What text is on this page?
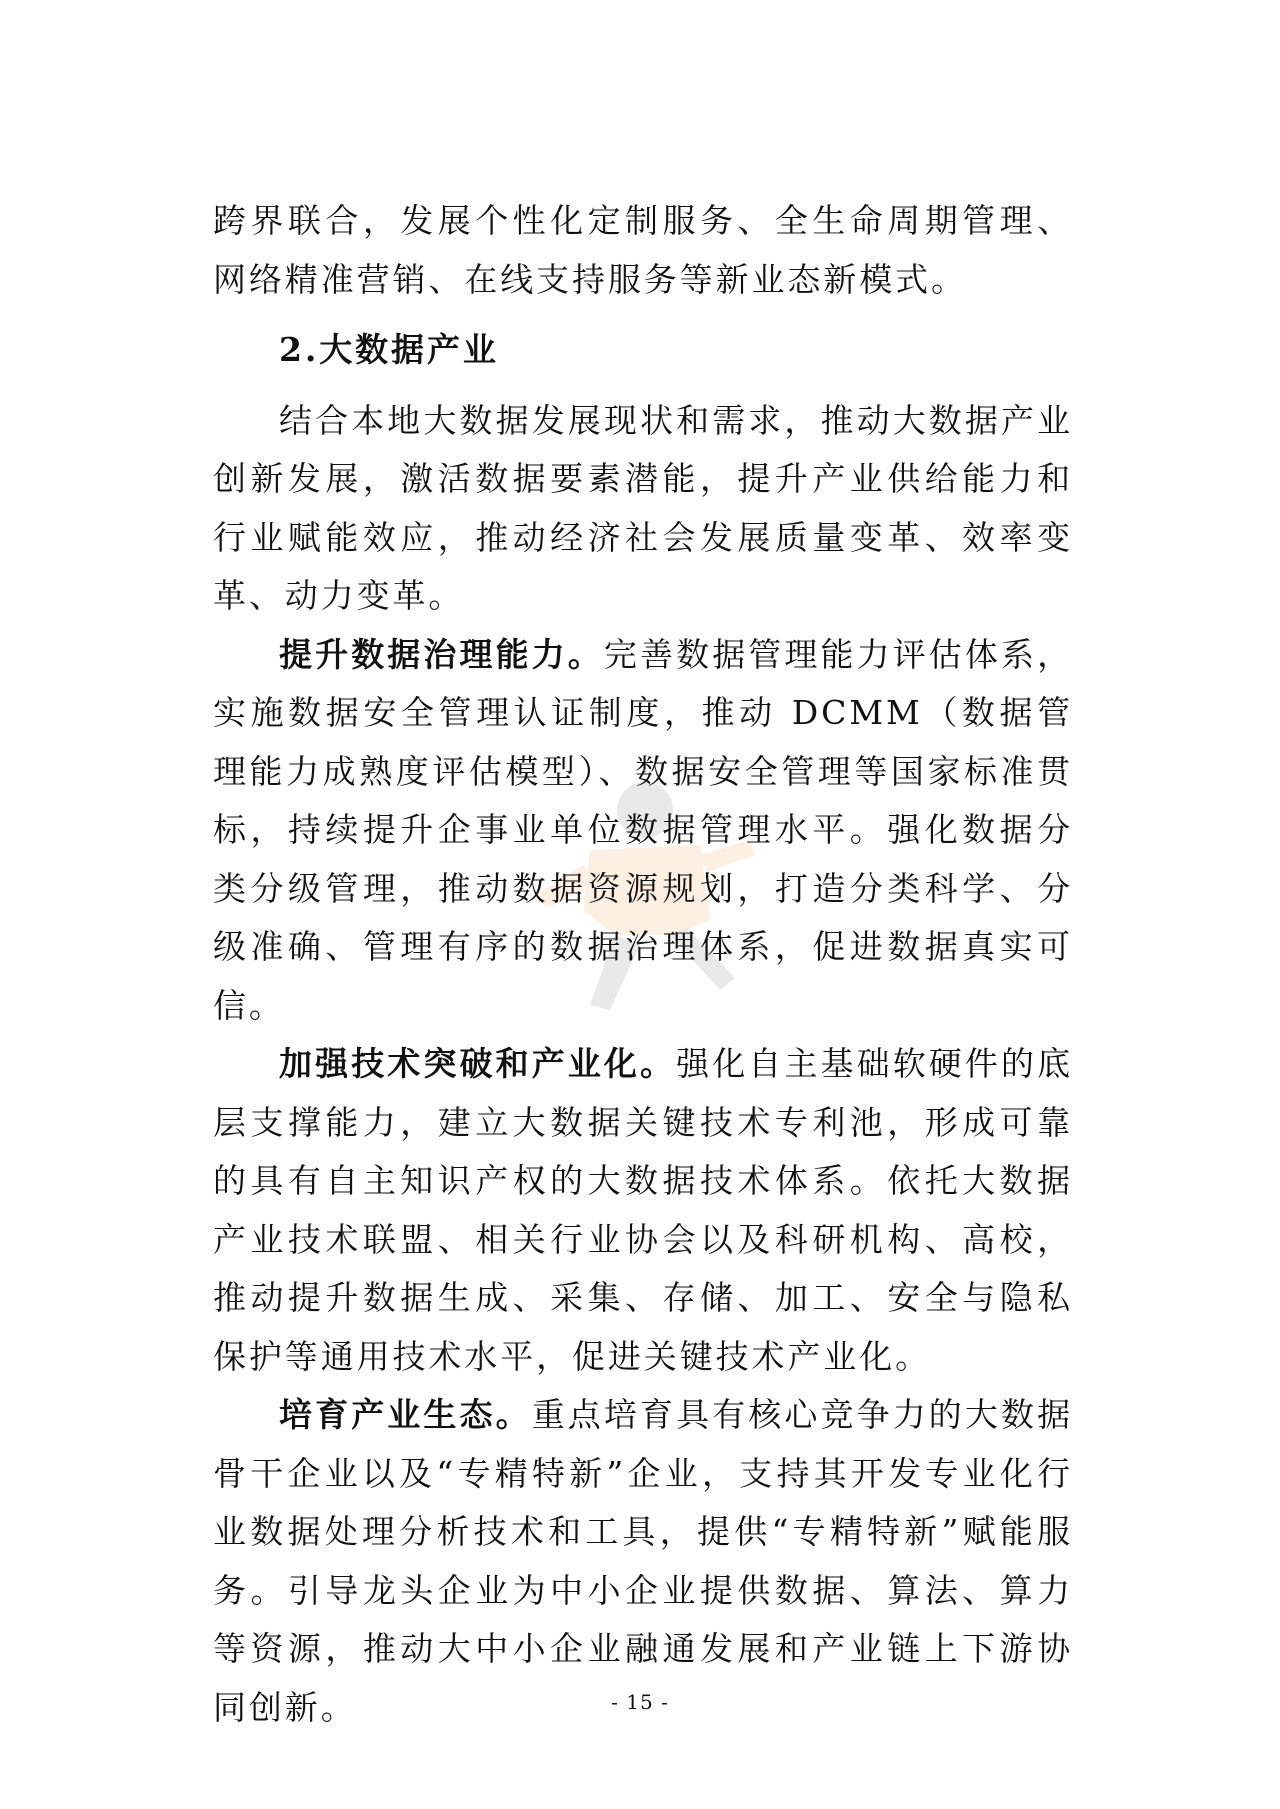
跨界联合，发展个性化定制服务、全生命周期管理、网络精准营销、在线支持服务等新业态新模式。

2.大数据产业

结合本地大数据发展现状和需求，推动大数据产业创新发展，激活数据要素潜能，提升产业供给能力和行业赋能效应，推动经济社会发展质量变革、效率变革、动力变革。

提升数据治理能力。完善数据管理能力评估体系，实施数据安全管理认证制度，推动 DCMM（数据管理能力成熟度评估模型）、数据安全管理等国家标准贯标，持续提升企事业单位数据管理水平。强化数据分类分级管理，推动数据资源规划，打造分类科学、分级准确、管理有序的数据治理体系，促进数据真实可信。

加强技术突破和产业化。强化自主基础软硬件的底层支撑能力，建立大数据关键技术专利池，形成可靠的具有自主知识产权的大数据技术体系。依托大数据产业技术联盟、相关行业协会以及科研机构、高校，推动提升数据生成、采集、存储、加工、安全与隐私保护等通用技术水平，促进关键技术产业化。

培育产业生态。重点培育具有核心竞争力的大数据骨干企业以及“专精特新”企业，支持其开发专业化行业数据处理分析技术和工具，提供“专精特新”赋能服务。引导龙头企业为中小企业提供数据、算法、算力等资源，推动大中小企业融通发展和产业链上下游协同创新。	- 15 -
